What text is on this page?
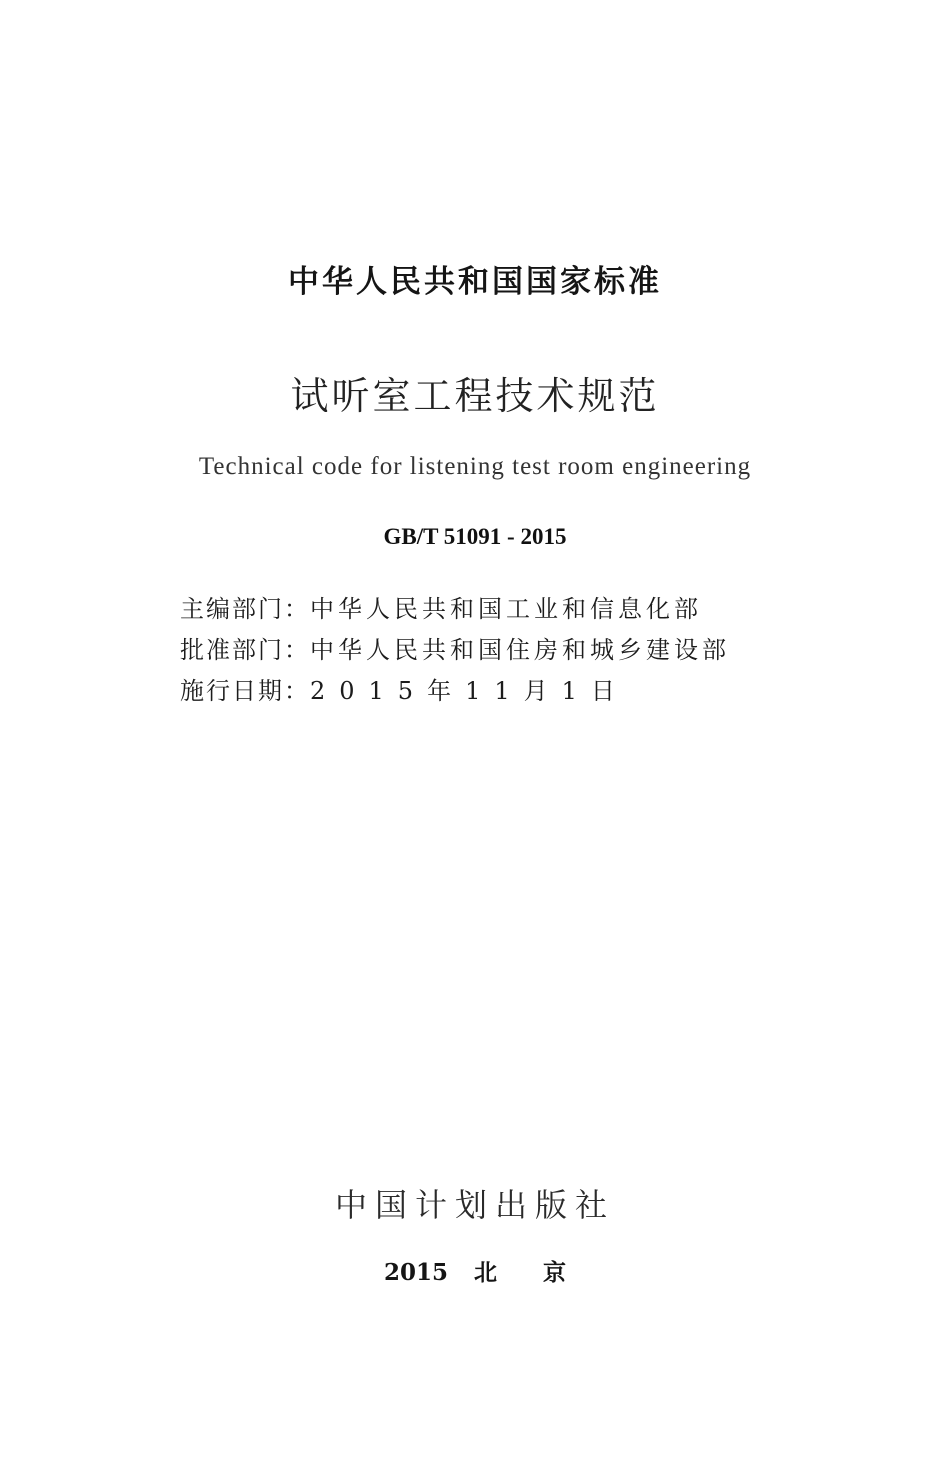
中华人民共和国国家标准
试听室工程技术规范
Technical code for listening test room engineering
GB/T 51091 - 2015
主编部门：中华人民共和国工业和信息化部
批准部门：中华人民共和国住房和城乡建设部
施行日期：2015年11月1日
中国计划出版社
2015 北 京
